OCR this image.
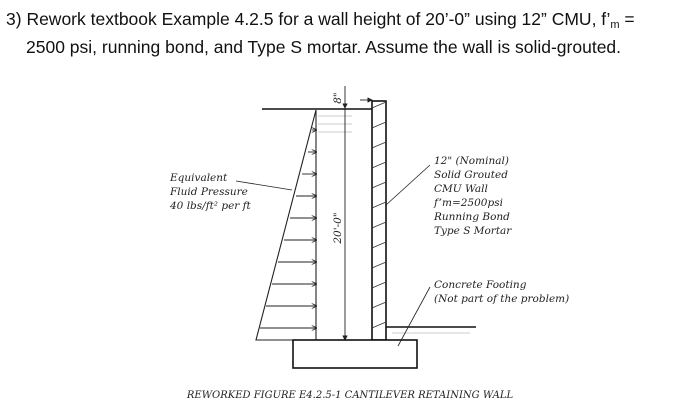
3) Rework textbook Example 4.2.5 for a wall height of 20’-0” using 12” CMU, $f’_m$ =
2500 psi, running bond, and Type S mortar. Assume the wall is solid-grouted.
20'-0"
8"
Equivalent Fluid Pressure 40 lbs/ft² per ft
12" (Nominal) Solid Grouted CMU Wall f’m=2500psi Running Bond Type S Mortar
Concrete Footing (Not part of the problem)
REWORKED FIGURE E4.2.5-1 CANTILEVER RETAINING WALL
